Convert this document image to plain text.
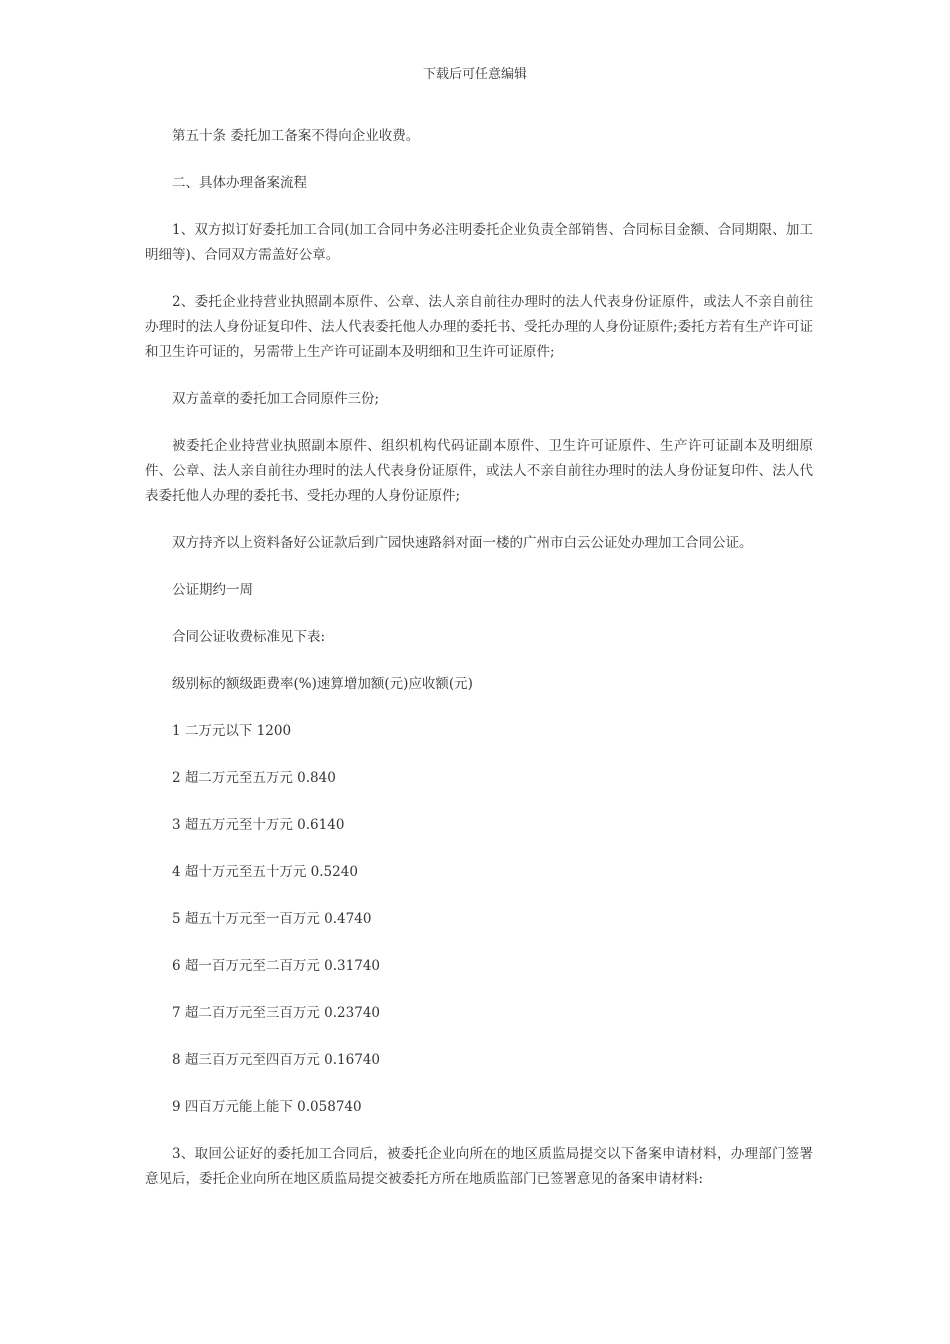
下载后可任意编辑

第五十条 委托加工备案不得向企业收费。

二、具体办理备案流程

1、双方拟订好委托加工合同(加工合同中务必注明委托企业负责全部销售、合同标目金额、合同期限、加工明细等)、合同双方需盖好公章。

2、委托企业持营业执照副本原件、公章、法人亲自前往办理时的法人代表身份证原件，或法人不亲自前往办理时的法人身份证复印件、法人代表委托他人办理的委托书、受托办理的人身份证原件;委托方若有生产许可证和卫生许可证的，另需带上生产许可证副本及明细和卫生许可证原件;

双方盖章的委托加工合同原件三份;

被委托企业持营业执照副本原件、组织机构代码证副本原件、卫生许可证原件、生产许可证副本及明细原件、公章、法人亲自前往办理时的法人代表身份证原件，或法人不亲自前往办理时的法人身份证复印件、法人代表委托他人办理的委托书、受托办理的人身份证原件;

双方持齐以上资料备好公证款后到广园快速路斜对面一楼的广州市白云公证处办理加工合同公证。

公证期约一周

合同公证收费标准见下表:

级别标的额级距费率(%)速算增加额(元)应收额(元)

1 二万元以下 1200

2 超二万元至五万元 0.840

3 超五万元至十万元 0.6140

4 超十万元至五十万元 0.5240

5 超五十万元至一百万元 0.4740

6 超一百万元至二百万元 0.31740

7 超二百万元至三百万元 0.23740

8 超三百万元至四百万元 0.16740

9 四百万元能上能下 0.058740

3、取回公证好的委托加工合同后，被委托企业向所在的地区质监局提交以下备案申请材料，办理部门签署意见后，委托企业向所在地区质监局提交被委托方所在地质监部门已签署意见的备案申请材料:
